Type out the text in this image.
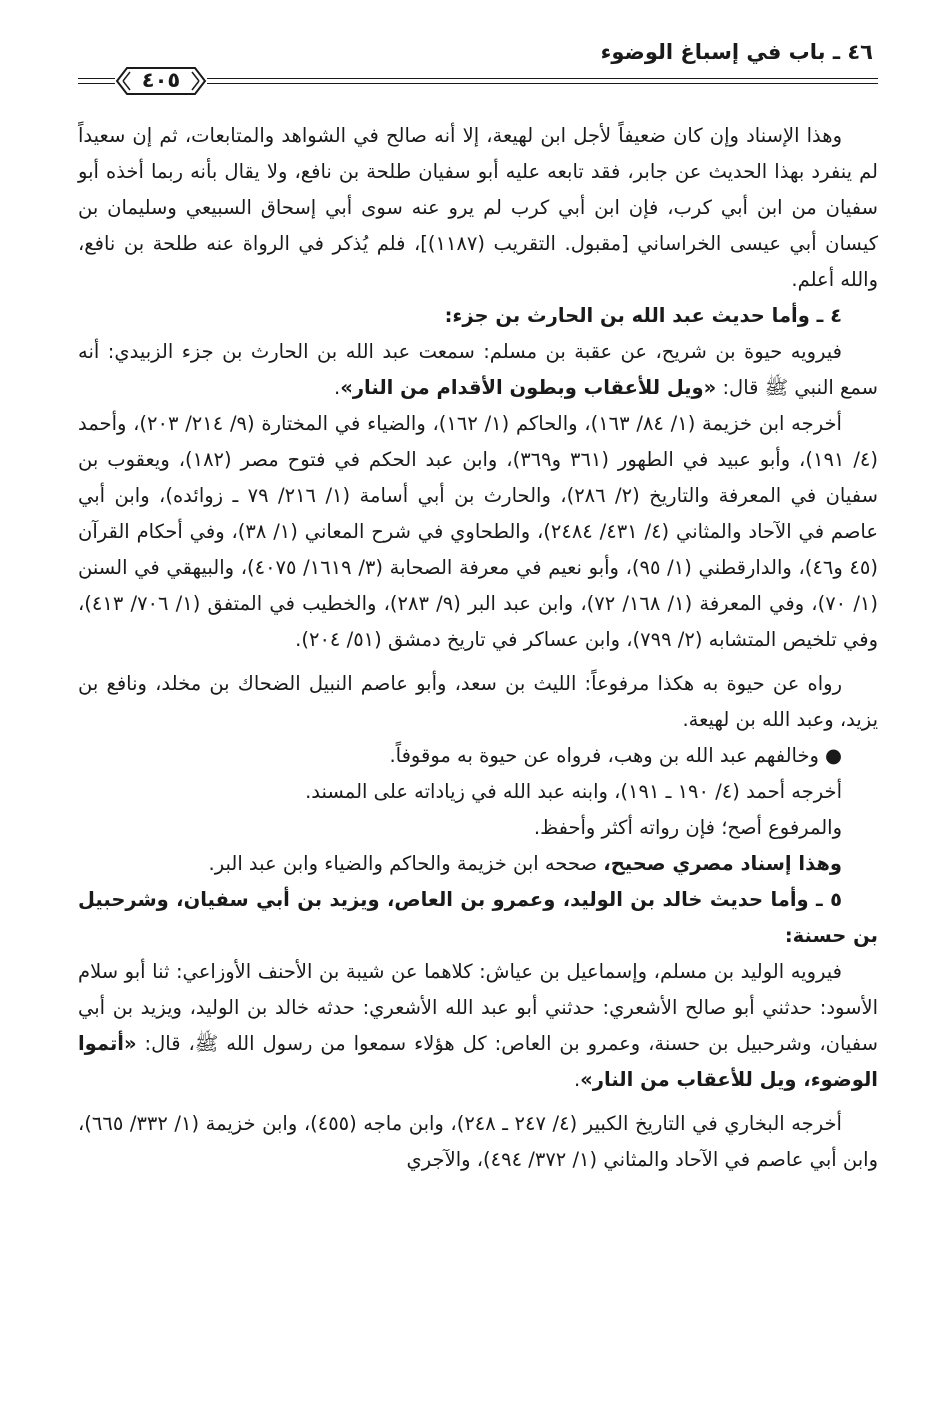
٤٦ ـ باب في إسباغ الوضوء
٤٠٥

وهذا الإسناد وإن كان ضعيفاً لأجل ابن لهيعة، إلا أنه صالح في الشواهد والمتابعات، ثم إن سعيداً لم ينفرد بهذا الحديث عن جابر، فقد تابعه عليه أبو سفيان طلحة بن نافع، ولا يقال بأنه ربما أخذه أبو سفيان من ابن أبي كرب، فإن ابن أبي كرب لم يرو عنه سوى أبي إسحاق السبيعي وسليمان بن كيسان أبي عيسى الخراساني [مقبول. التقريب (١١٨٧)]، فلم يُذكر في الرواة عنه طلحة بن نافع، والله أعلم.

٤ ـ وأما حديث عبد الله بن الحارث بن جزء:

فيرويه حيوة بن شريح، عن عقبة بن مسلم: سمعت عبد الله بن الحارث بن جزء الزبيدي: أنه سمع النبي ﷺ قال: «ويل للأعقاب وبطون الأقدام من النار».

أخرجه ابن خزيمة (١/ ٨٤/ ١٦٣)، والحاكم (١/ ١٦٢)، والضياء في المختارة (٩/ ٢١٤/ ٢٠٣)، وأحمد (٤/ ١٩١)، وأبو عبيد في الطهور (٣٦١ و٣٦٩)، وابن عبد الحكم في فتوح مصر (١٨٢)، ويعقوب بن سفيان في المعرفة والتاريخ (٢/ ٢٨٦)، والحارث بن أبي أسامة (١/ ٢١٦/ ٧٩ ـ زوائده)، وابن أبي عاصم في الآحاد والمثاني (٤/ ٤٣١/ ٢٤٨٤)، والطحاوي في شرح المعاني (١/ ٣٨)، وفي أحكام القرآن (٤٥ و٤٦)، والدارقطني (١/ ٩٥)، وأبو نعيم في معرفة الصحابة (٣/ ١٦١٩/ ٤٠٧٥)، والبيهقي في السنن (١/ ٧٠)، وفي المعرفة (١/ ١٦٨/ ٧٢)، وابن عبد البر (٩/ ٢٨٣)، والخطيب في المتفق (١/ ٧٠٦/ ٤١٣)، وفي تلخيص المتشابه (٢/ ٧٩٩)، وابن عساكر في تاريخ دمشق (٥١/ ٢٠٤).

رواه عن حيوة به هكذا مرفوعاً: الليث بن سعد، وأبو عاصم النبيل الضحاك بن مخلد، ونافع بن يزيد، وعبد الله بن لهيعة.

●وخالفهم عبد الله بن وهب، فرواه عن حيوة به موقوفاً.

أخرجه أحمد (٤/ ١٩٠ ـ ١٩١)، وابنه عبد الله في زياداته على المسند.

والمرفوع أصح؛ فإن رواته أكثر وأحفظ.

وهذا إسناد مصري صحيح، صححه ابن خزيمة والحاكم والضياء وابن عبد البر.

٥ ـ وأما حديث خالد بن الوليد، وعمرو بن العاص، ويزيد بن أبي سفيان، وشرحبيل بن حسنة:

فيرويه الوليد بن مسلم، وإسماعيل بن عياش: كلاهما عن شيبة بن الأحنف الأوزاعي: ثنا أبو سلام الأسود: حدثني أبو صالح الأشعري: حدثني أبو عبد الله الأشعري: حدثه خالد بن الوليد، ويزيد بن أبي سفيان، وشرحبيل بن حسنة، وعمرو بن العاص: كل هؤلاء سمعوا من رسول الله ﷺ، قال: «أتموا الوضوء، ويل للأعقاب من النار».

أخرجه البخاري في التاريخ الكبير (٤/ ٢٤٧ ـ ٢٤٨)، وابن ماجه (٤٥٥)، وابن خزيمة (١/ ٣٣٢/ ٦٦٥)، وابن أبي عاصم في الآحاد والمثاني (١/ ٣٧٢/ ٤٩٤)، والآجري
